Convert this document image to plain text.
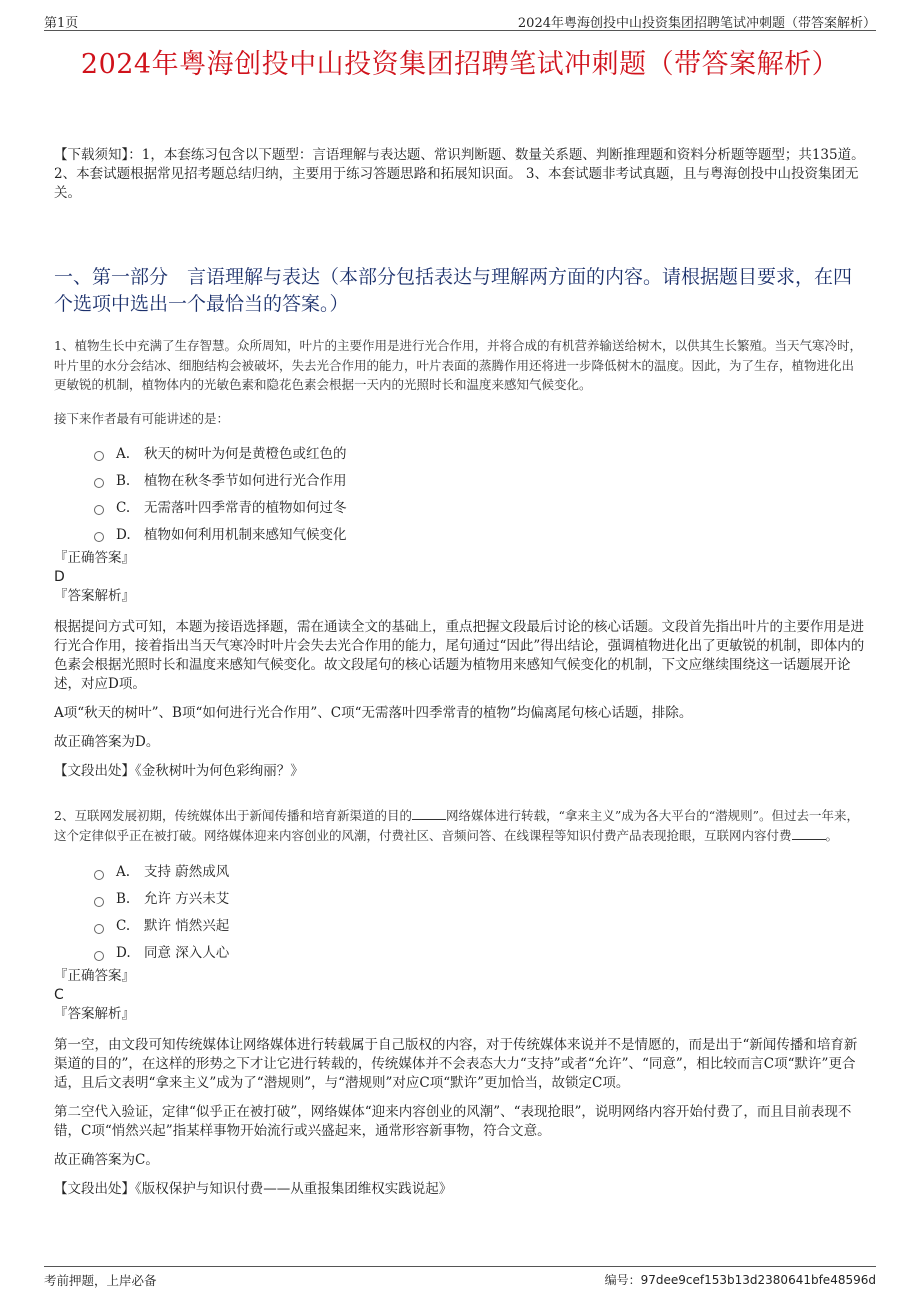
第1页	2024年粤海创投中山投资集团招聘笔试冲刺题（带答案解析）
2024年粤海创投中山投资集团招聘笔试冲刺题（带答案解析）
【下载须知】：1，本套练习包含以下题型：言语理解与表达题、常识判断题、数量关系题、判断推理题和资料分析题等题型；共135道。 2、本套试题根据常见招考题总结归纳，主要用于练习答题思路和拓展知识面。 3、本套试题非考试真题，且与粤海创投中山投资集团无关。
一、第一部分　言语理解与表达（本部分包括表达与理解两方面的内容。请根据题目要求，在四个选项中选出一个最恰当的答案。）
1、植物生长中充满了生存智慧。众所周知，叶片的主要作用是进行光合作用，并将合成的有机营养输送给树木，以供其生长繁殖。当天气寒冷时，叶片里的水分会结冰、细胞结构会被破坏，失去光合作用的能力，叶片表面的蒸腾作用还将进一步降低树木的温度。因此，为了生存，植物进化出更敏锐的机制，植物体内的光敏色素和隐花色素会根据一天内的光照时长和温度来感知气候变化。
接下来作者最有可能讲述的是：
A.	秋天的树叶为何是黄橙色或红色的
B.	植物在秋冬季节如何进行光合作用
C.	无需落叶四季常青的植物如何过冬
D. 植物如何利用机制来感知气候变化
『正确答案』
D
『答案解析』

根据提问方式可知，本题为接语选择题，需在通读全文的基础上，重点把握文段最后讨论的核心话题。文段首先指出叶片的主要作用是进行光合作用，接着指出当天气寒冷时叶片会失去光合作用的能力，尾句通过“因此”得出结论，强调植物进化出了更敏锐的机制，即体内的色素会根据光照时长和温度来感知气候变化。故文段尾句的核心话题为植物用来感知气候变化的机制，下文应继续围绕这一话题展开论述，对应D项。

A项“秋天的树叶”、B项“如何进行光合作用”、C项“无需落叶四季常青的植物”均偏离尾句核心话题，排除。

故正确答案为D。

【文段出处】《金秋树叶为何色彩绚丽？》

2、互联网发展初期，传统媒体出于新闻传播和培育新渠道的目的	网络媒体进行转载，“拿来主义”成为各大平台的“潜规则”。但过去一年来，这个定律似乎正在被打破。网络媒体迎来内容创业的风潮，付费社区、音频问答、在线课程等知识付费产品表现抢眼，互联网内容付费	。
A.	支持 蔚然成风
B.	允许 方兴未艾
C.	默许 悄然兴起
D. 同意 深入人心
『正确答案』
C
『答案解析』

第一空，由文段可知传统媒体让网络媒体进行转载属于自己版权的内容，对于传统媒体来说并不是情愿的，而是出于“新闻传播和培育新渠道的目的”，在这样的形势之下才让它进行转载的，传统媒体并不会表态大力“支持”或者“允许”、“同意”，相比较而言C项“默许”更合适，且后文表明“拿来主义”成为了“潜规则”，与“潜规则”对应C项“默许”更加恰当，故锁定C项。

第二空代入验证，定律“似乎正在被打破”，网络媒体“迎来内容创业的风潮”、“表现抢眼”，说明网络内容开始付费了，而且目前表现不错，C项“悄然兴起”指某样事物开始流行或兴盛起来，通常形容新事物，符合文意。

故正确答案为C。

【文段出处】《版权保护与知识付费——从重报集团维权实践说起》

考前押题，上岸必备	编号：97dee9cef153b13d2380641bfe48596d
